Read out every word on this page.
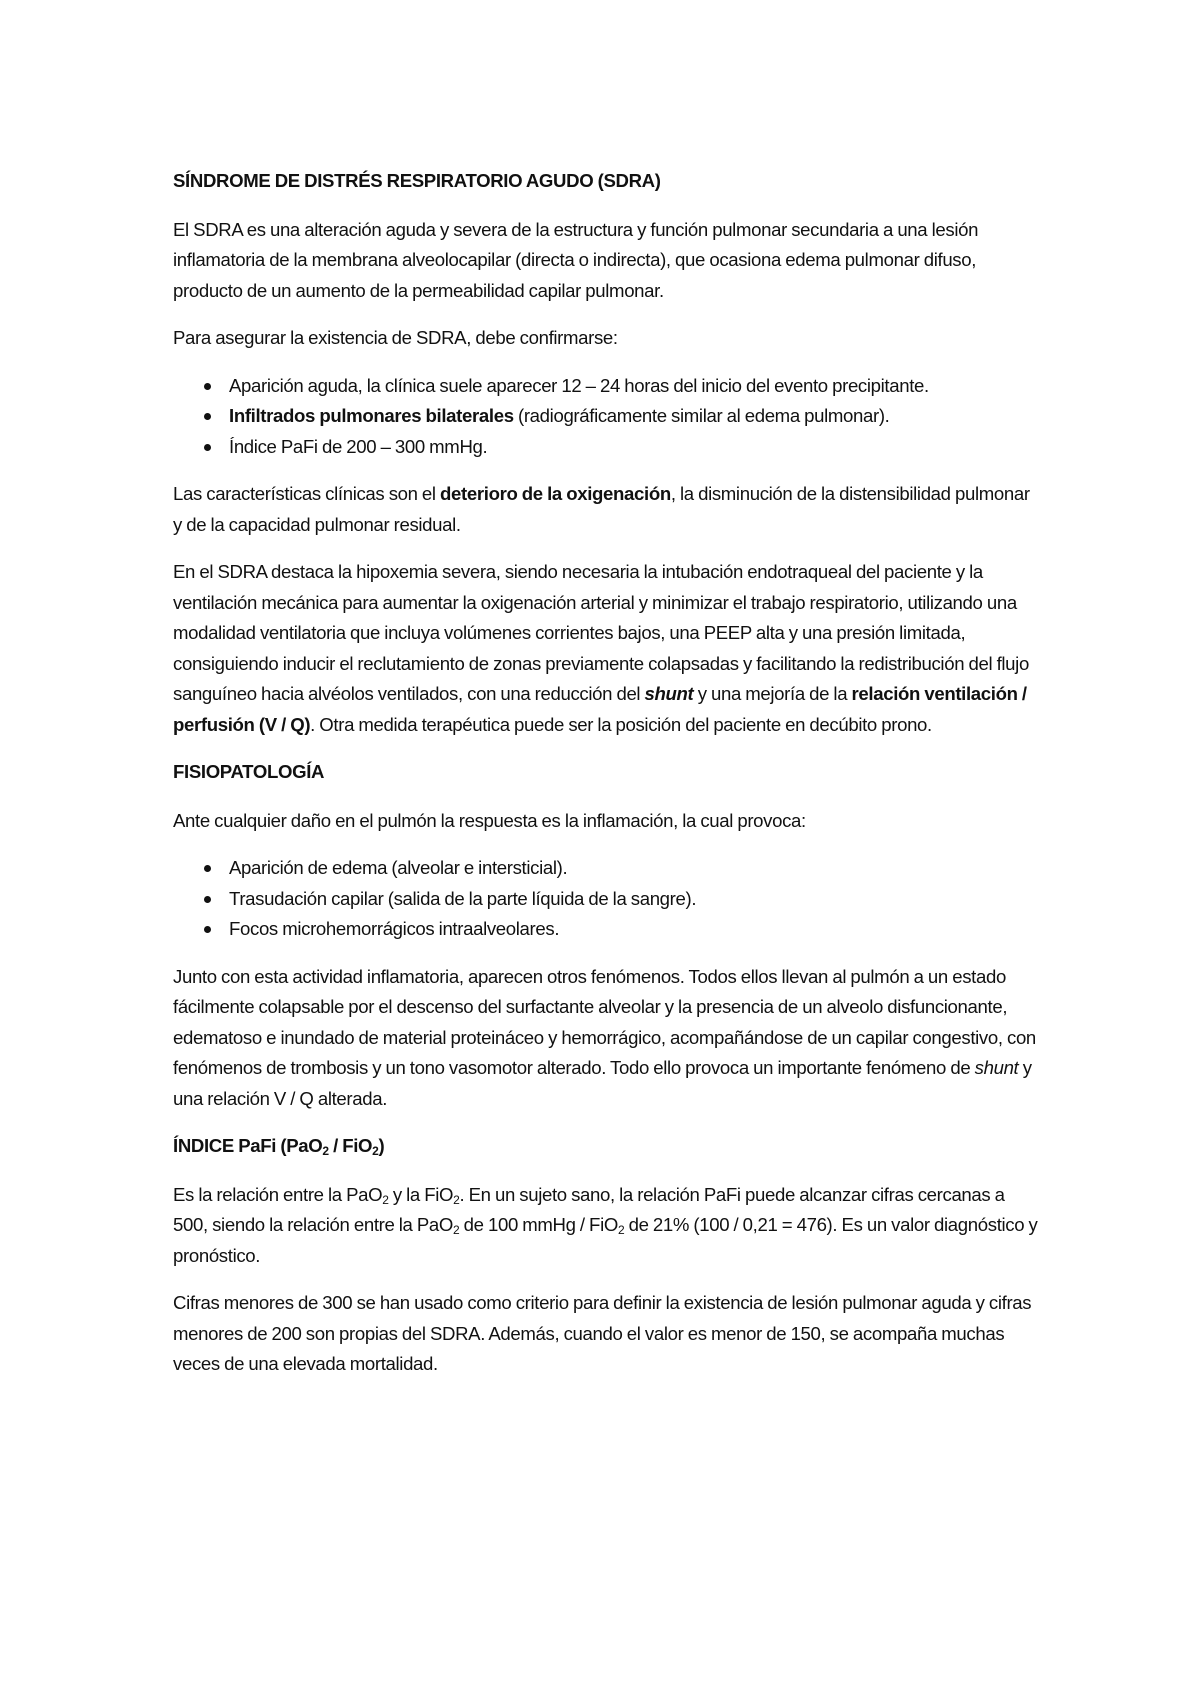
SÍNDROME DE DISTRÉS RESPIRATORIO AGUDO (SDRA)

El SDRA es una alteración aguda y severa de la estructura y función pulmonar secundaria a una lesión inflamatoria de la membrana alveolocapilar (directa o indirecta), que ocasiona edema pulmonar difuso, producto de un aumento de la permeabilidad capilar pulmonar.

Para asegurar la existencia de SDRA, debe confirmarse:

Aparición aguda, la clínica suele aparecer 12 – 24 horas del inicio del evento precipitante.
Infiltrados pulmonares bilaterales (radiográficamente similar al edema pulmonar).
Índice PaFi de 200 – 300 mmHg.

Las características clínicas son el deterioro de la oxigenación, la disminución de la distensibilidad pulmonar y de la capacidad pulmonar residual.

En el SDRA destaca la hipoxemia severa, siendo necesaria la intubación endotraqueal del paciente y la ventilación mecánica para aumentar la oxigenación arterial y minimizar el trabajo respiratorio, utilizando una modalidad ventilatoria que incluya volúmenes corrientes bajos, una PEEP alta y una presión limitada, consiguiendo inducir el reclutamiento de zonas previamente colapsadas y facilitando la redistribución del flujo sanguíneo hacia alvéolos ventilados, con una reducción del shunt y una mejoría de la relación ventilación / perfusión (V / Q). Otra medida terapéutica puede ser la posición del paciente en decúbito prono.

FISIOPATOLOGÍA

Ante cualquier daño en el pulmón la respuesta es la inflamación, la cual provoca:

Aparición de edema (alveolar e intersticial).
Trasudación capilar (salida de la parte líquida de la sangre).
Focos microhemorrágicos intraalveolares.

Junto con esta actividad inflamatoria, aparecen otros fenómenos. Todos ellos llevan al pulmón a un estado fácilmente colapsable por el descenso del surfactante alveolar y la presencia de un alveolo disfuncionante, edematoso e inundado de material proteináceo y hemorrágico, acompañándose de un capilar congestivo, con fenómenos de trombosis y un tono vasomotor alterado. Todo ello provoca un importante fenómeno de shunt y una relación V / Q alterada.

ÍNDICE PaFi (PaO$_2$ / FiO$_2$)

Es la relación entre la PaO$_2$ y la FiO$_2$. En un sujeto sano, la relación PaFi puede alcanzar cifras cercanas a 500, siendo la relación entre la PaO$_2$ de 100 mmHg / FiO$_2$ de 21% (100 / 0,21 = 476). Es un valor diagnóstico y pronóstico.

Cifras menores de 300 se han usado como criterio para definir la existencia de lesión pulmonar aguda y cifras menores de 200 son propias del SDRA. Además, cuando el valor es menor de 150, se acompaña muchas veces de una elevada mortalidad.
